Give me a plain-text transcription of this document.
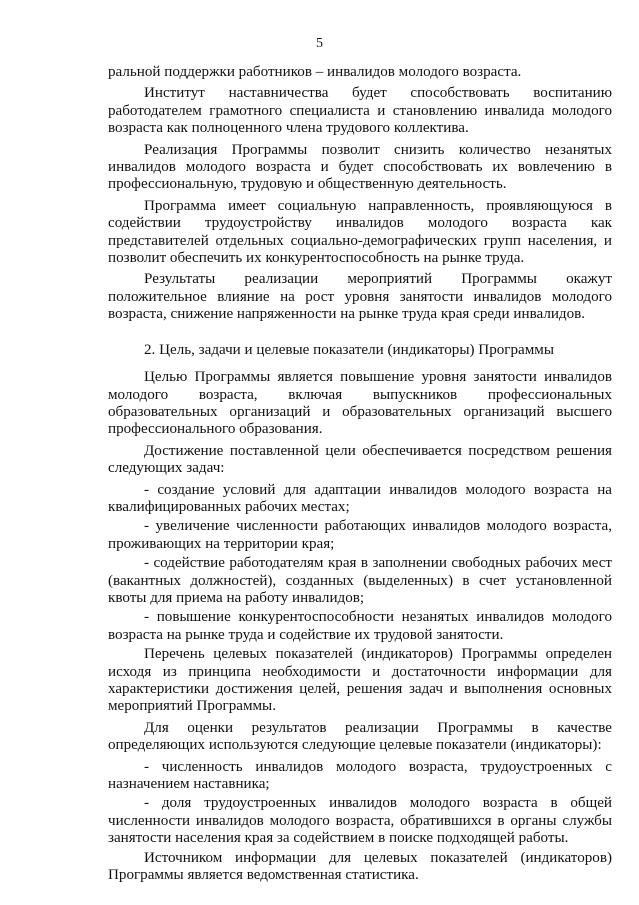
5

ральной поддержки работников – инвалидов молодого возраста.

Институт наставничества будет способствовать воспитанию работодателем грамотного специалиста и становлению инвалида молодого возраста как полноценного члена трудового коллектива.

Реализация Программы позволит снизить количество незанятых инвалидов молодого возраста и будет способствовать их вовлечению в профессиональную, трудовую и общественную деятельность.

Программа имеет социальную направленность, проявляющуюся в содействии трудоустройству инвалидов молодого возраста как представителей отдельных социально-демографических групп населения, и позволит обеспечить их конкурентоспособность на рынке труда.

Результаты реализации мероприятий Программы окажут положительное влияние на рост уровня занятости инвалидов молодого возраста, снижение напряженности на рынке труда края среди инвалидов.

2. Цель, задачи и целевые показатели (индикаторы) Программы

Целью Программы является повышение уровня занятости инвалидов молодого возраста, включая выпускников профессиональных образовательных организаций и образовательных организаций высшего профессионального образования.

Достижение поставленной цели обеспечивается посредством решения следующих задач:

- создание условий для адаптации инвалидов молодого возраста на квалифицированных рабочих местах;

- увеличение численности работающих инвалидов молодого возраста, проживающих на территории края;

- содействие работодателям края в заполнении свободных рабочих мест (вакантных должностей), созданных (выделенных) в счет установленной квоты для приема на работу инвалидов;

- повышение конкурентоспособности незанятых инвалидов молодого возраста на рынке труда и содействие их трудовой занятости.

Перечень целевых показателей (индикаторов) Программы определен исходя из принципа необходимости и достаточности информации для характеристики достижения целей, решения задач и выполнения основных мероприятий Программы.

Для оценки результатов реализации Программы в качестве определяющих используются следующие целевые показатели (индикаторы):

- численность инвалидов молодого возраста, трудоустроенных с назначением наставника;

- доля трудоустроенных инвалидов молодого возраста в общей численности инвалидов молодого возраста, обратившихся в органы службы занятости населения края за содействием в поиске подходящей работы.

Источником информации для целевых показателей (индикаторов) Программы является ведомственная статистика.
